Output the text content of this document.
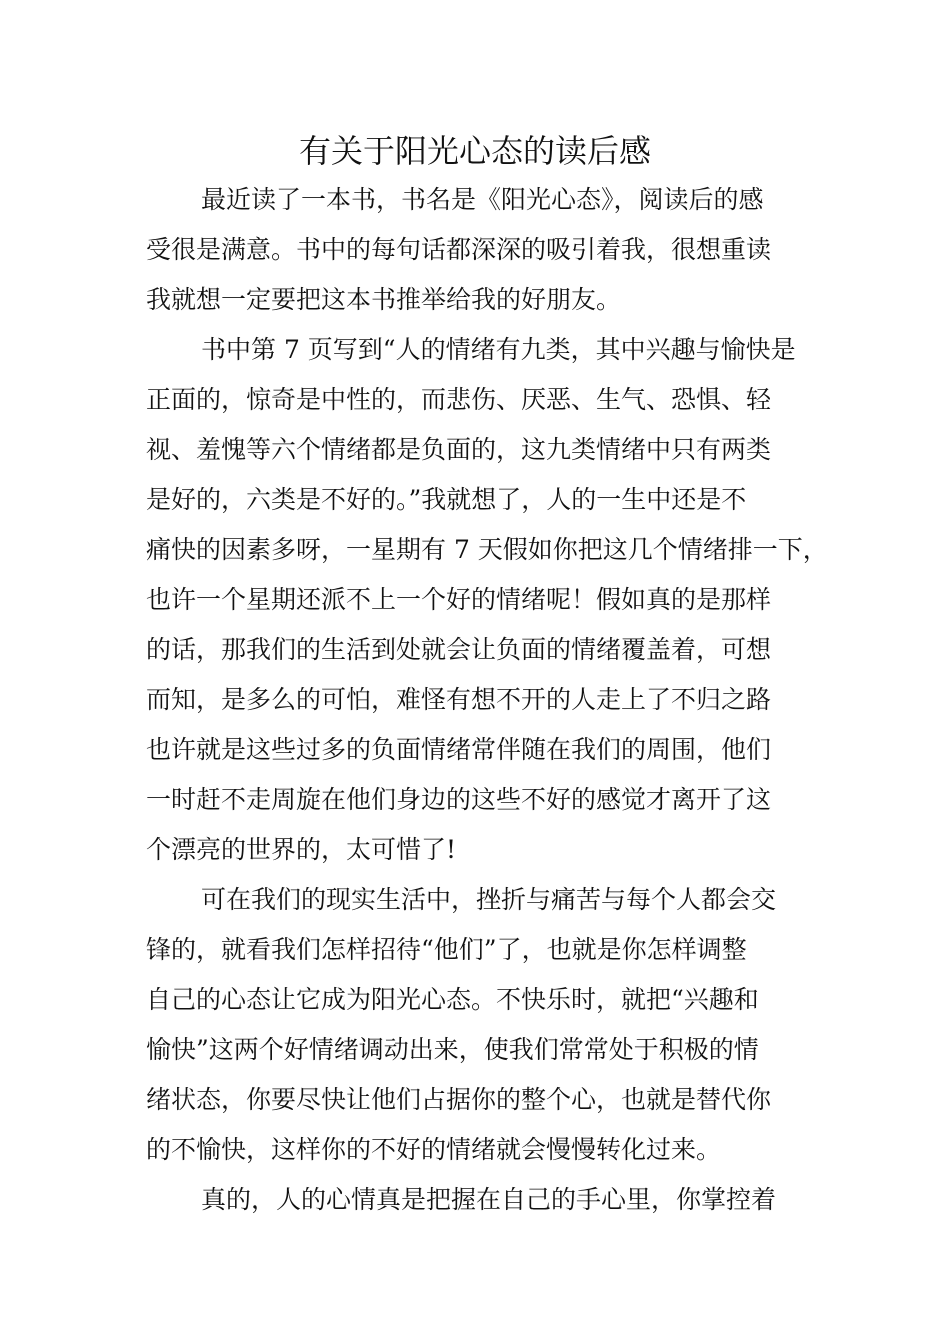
有关于阳光心态的读后感
最近读了一本书，书名是《阳光心态》，阅读后的感
受很是满意。书中的每句话都深深的吸引着我，很想重读
我就想一定要把这本书推举给我的好朋友。
书中第 7 页写到“人的情绪有九类，其中兴趣与愉快是
正面的，惊奇是中性的，而悲伤、厌恶、生气、恐惧、轻
视、羞愧等六个情绪都是负面的，这九类情绪中只有两类
是好的，六类是不好的。”我就想了，人的一生中还是不
痛快的因素多呀，一星期有 7 天假如你把这几个情绪排一下，
也许一个星期还派不上一个好的情绪呢！假如真的是那样
的话，那我们的生活到处就会让负面的情绪覆盖着，可想
而知，是多么的可怕，难怪有想不开的人走上了不归之路
也许就是这些过多的负面情绪常伴随在我们的周围，他们
一时赶不走周旋在他们身边的这些不好的感觉才离开了这
个漂亮的世界的，太可惜了!
可在我们的现实生活中，挫折与痛苦与每个人都会交
锋的，就看我们怎样招待“他们”了，也就是你怎样调整
自己的心态让它成为阳光心态。不快乐时，就把“兴趣和
愉快”这两个好情绪调动出来，使我们常常处于积极的情
绪状态，你要尽快让他们占据你的整个心，也就是替代你
的不愉快，这样你的不好的情绪就会慢慢转化过来。
真的，人的心情真是把握在自己的手心里，你掌控着
